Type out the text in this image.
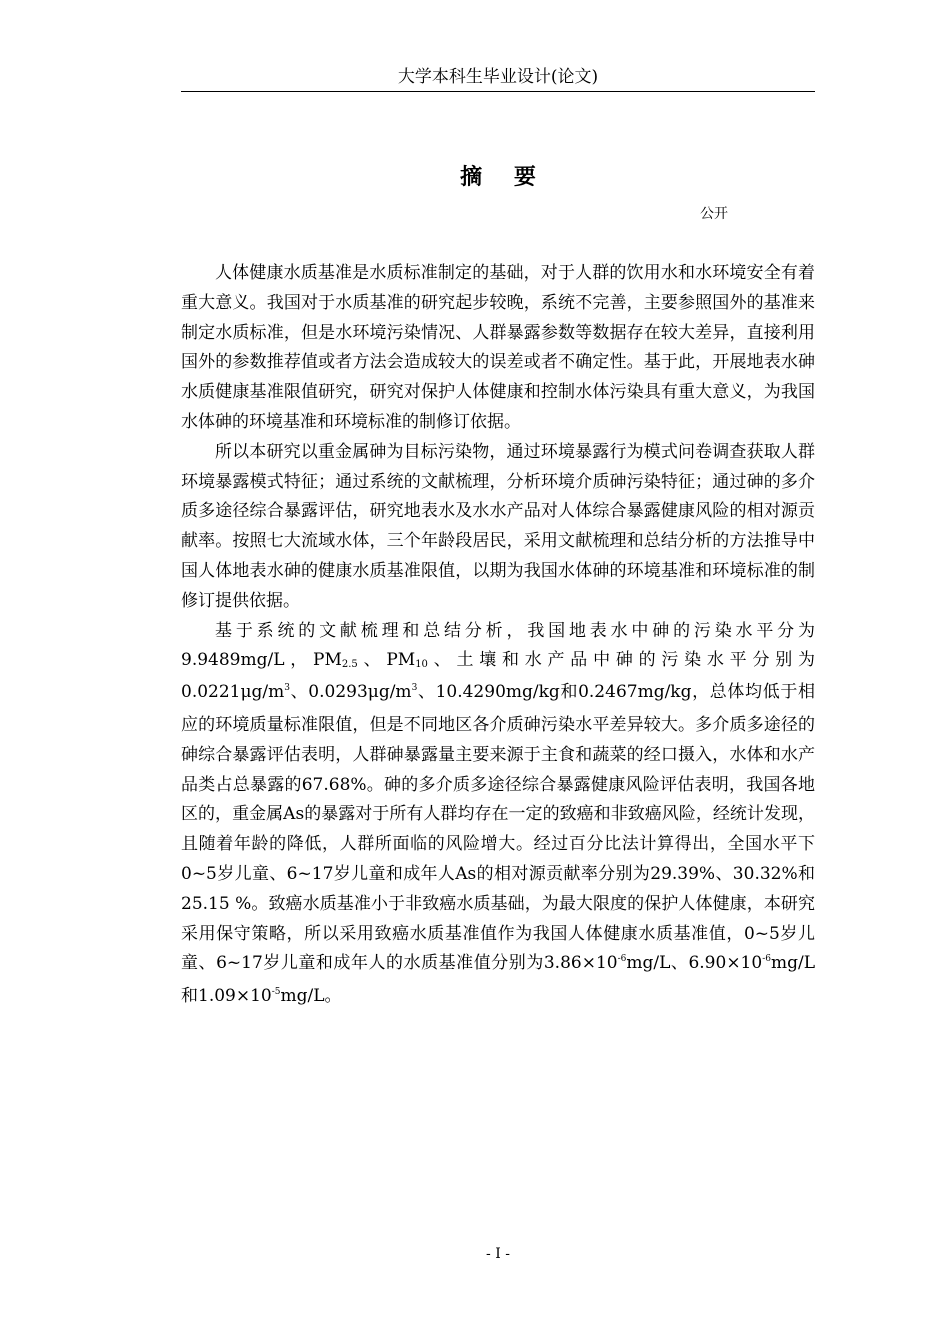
大学本科生毕业设计(论文)
摘 要
公开

人体健康水质基准是水质标准制定的基础，对于人群的饮用水和水环境安全有着重大意义。我国对于水质基准的研究起步较晚，系统不完善，主要参照国外的基准来制定水质标准，但是水环境污染情况、人群暴露参数等数据存在较大差异，直接利用国外的参数推荐值或者方法会造成较大的误差或者不确定性。基于此，开展地表水砷水质健康基准限值研究，研究对保护人体健康和控制水体污染具有重大意义，为我国水体砷的环境基准和环境标准的制修订依据。

所以本研究以重金属砷为目标污染物，通过环境暴露行为模式问卷调查获取人群环境暴露模式特征；通过系统的文献梳理，分析环境介质砷污染特征；通过砷的多介质多途径综合暴露评估，研究地表水及水水产品对人体综合暴露健康风险的相对源贡献率。按照七大流域水体，三个年龄段居民，采用文献梳理和总结分析的方法推导中国人体地表水砷的健康水质基准限值，以期为我国水体砷的环境基准和环境标准的制修订提供依据。

基于系统的文献梳理和总结分析，我国地表水中砷的污染水平分为9.9489mg/L，$PM_{2.5}$、$PM_{10}$、土壤和水产品中砷的污染水平分别为$0.0221\mu g/m^3$、$0.0293\mu g/m^3$、10.4290mg/kg和0.2467mg/kg，总体均低于相应的环境质量标准限值，但是不同地区各介质砷污染水平差异较大。多介质多途径的砷综合暴露评估表明，人群砷暴露量主要来源于主食和蔬菜的经口摄入，水体和水产品类占总暴露的67.68%。砷的多介质多途径综合暴露健康风险评估表明，我国各地区的，重金属As的暴露对于所有人群均存在一定的致癌和非致癌风险，经统计发现，且随着年龄的降低，人群所面临的风险增大。经过百分比法计算得出，全国水平下0~5岁儿童、6~17岁儿童和成年人As的相对源贡献率分别为29.39%、30.32%和25.15 %。致癌水质基准小于非致癌水质基础，为最大限度的保护人体健康，本研究采用保守策略，所以采用致癌水质基准值作为我国人体健康水质基准值，0~5岁儿童、6~17岁儿童和成年人的水质基准值分别为$3.86\times 10^{-6}mg/L$、$6.90\times 10^{-6}mg/L$和$1.09\times 10^{-5}mg/L$。

- I -
